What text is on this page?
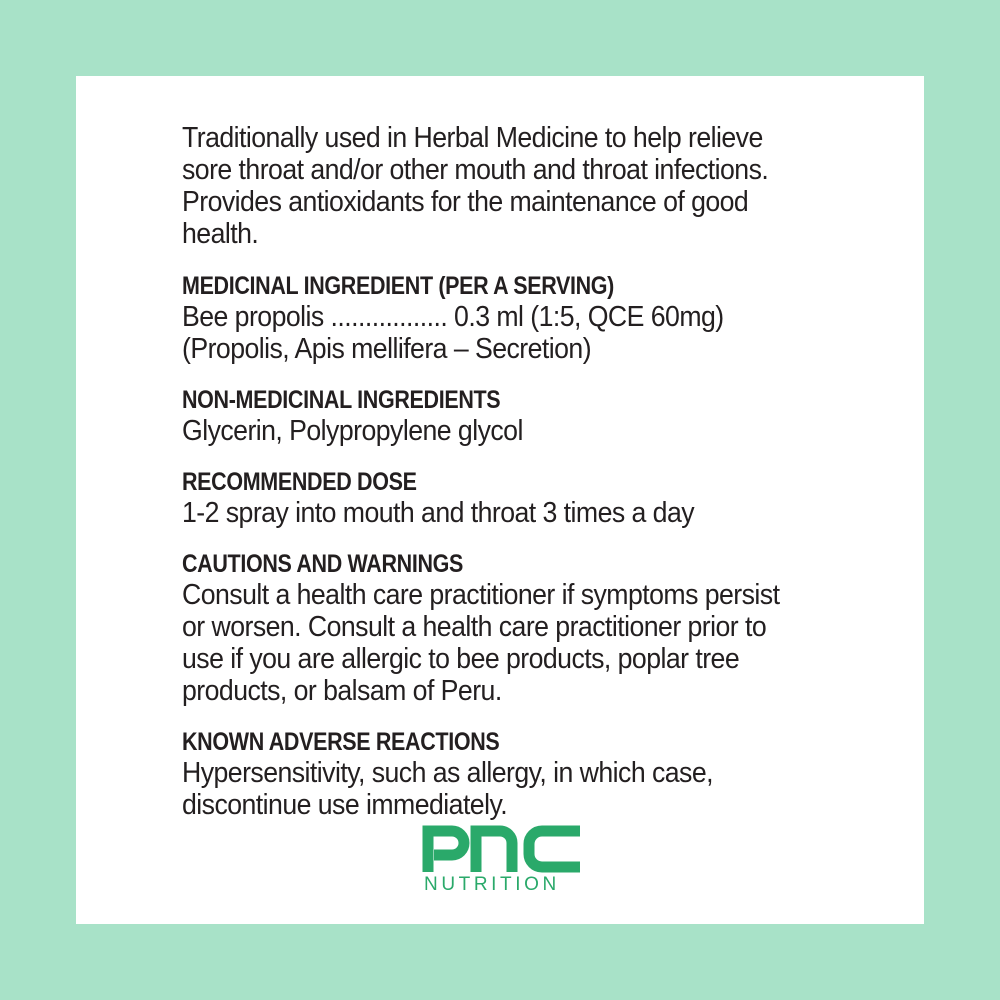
Traditionally used in Herbal Medicine to help relieve
sore throat and/or other mouth and throat infections.
Provides antioxidants for the maintenance of good
health.
MEDICINAL INGREDIENT (PER A SERVING)
Bee propolis ................. 0.3 ml (1:5, QCE 60mg)
(Propolis, Apis mellifera – Secretion)
NON-MEDICINAL INGREDIENTS
Glycerin, Polypropylene glycol
RECOMMENDED DOSE
1-2 spray into mouth and throat 3 times a day
CAUTIONS AND WARNINGS
Consult a health care practitioner if symptoms persist
or worsen. Consult a health care practitioner prior to
use if you are allergic to bee products, poplar tree
products, or balsam of Peru.
KNOWN ADVERSE REACTIONS
Hypersensitivity, such as allergy, in which case,
discontinue use immediately.
NUTRITION
